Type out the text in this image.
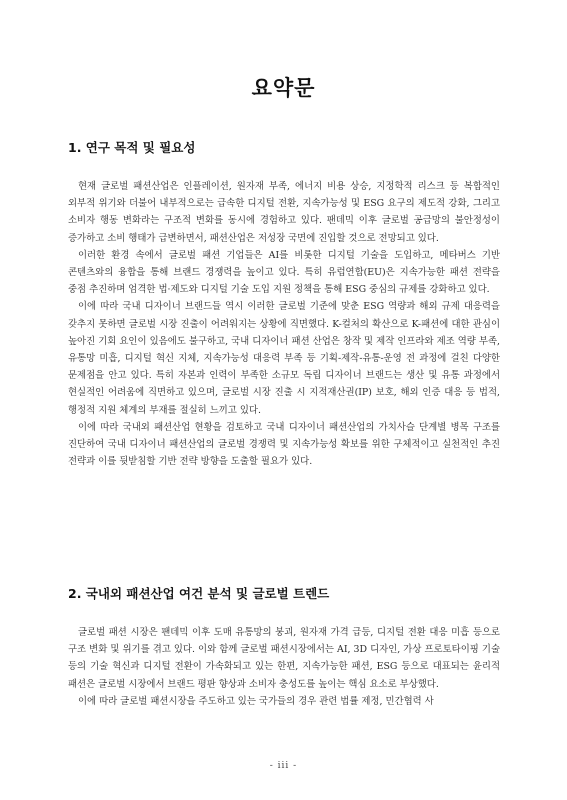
요약문
1. 연구 목적 및 필요성

현재 글로벌 패션산업은 인플레이션, 원자재 부족, 에너지 비용 상승, 지정학적 리스크 등 복합적인 외부적 위기와 더불어 내부적으로는 급속한 디지털 전환, 지속가능성 및 ESG 요구의 제도적 강화, 그리고 소비자 행동 변화라는 구조적 변화를 동시에 경험하고 있다. 팬데믹 이후 글로벌 공급망의 불안정성이 증가하고 소비 행태가 급변하면서, 패션산업은 저성장 국면에 진입할 것으로 전망되고 있다.

이러한 환경 속에서 글로벌 패션 기업들은 AI를 비롯한 디지털 기술을 도입하고, 메타버스 기반 콘텐츠와의 융합을 통해 브랜드 경쟁력을 높이고 있다. 특히 유럽연합(EU)은 지속가능한 패션 전략을 중점 추진하며 엄격한 법·제도와 디지털 기술 도입 지원 정책을 통해 ESG 중심의 규제를 강화하고 있다.

이에 따라 국내 디자이너 브랜드들 역시 이러한 글로벌 기준에 맞춘 ESG 역량과 해외 규제 대응력을 갖추지 못하면 글로벌 시장 진출이 어려워지는 상황에 직면했다. K-컬처의 확산으로 K-패션에 대한 관심이 높아진 기회 요인이 있음에도 불구하고, 국내 디자이너 패션 산업은 창작 및 제작 인프라와 제조 역량 부족, 유통망 미흡, 디지털 혁신 지체, 지속가능성 대응력 부족 등 기획-제작-유통-운영 전 과정에 걸친 다양한 문제점을 안고 있다. 특히 자본과 인력이 부족한 소규모 독립 디자이너 브랜드는 생산 및 유통 과정에서 현실적인 어려움에 직면하고 있으며, 글로벌 시장 진출 시 지적재산권(IP) 보호, 해외 인증 대응 등 법적, 행정적 지원 체계의 부재를 절실히 느끼고 있다.

이에 따라 국내외 패션산업 현황을 검토하고 국내 디자이너 패션산업의 가치사슬 단계별 병목 구조를 진단하여 국내 디자이너 패션산업의 글로벌 경쟁력 및 지속가능성 확보를 위한 구체적이고 실천적인 추진 전략과 이를 뒷받침할 기반 전략 방향을 도출할 필요가 있다.

2. 국내외 패션산업 여건 분석 및 글로벌 트렌드

글로벌 패션 시장은 팬데믹 이후 도매 유통망의 붕괴, 원자재 가격 급등, 디지털 전환 대응 미흡 등으로 구조 변화 및 위기를 겪고 있다. 이와 함께 글로벌 패션시장에서는 AI, 3D 디자인, 가상 프로토타이핑 기술 등의 기술 혁신과 디지털 전환이 가속화되고 있는 한편, 지속가능한 패션, ESG 등으로 대표되는 윤리적 패션은 글로벌 시장에서 브랜드 평판 향상과 소비자 충성도를 높이는 핵심 요소로 부상했다.

이에 따라 글로벌 패션시장을 주도하고 있는 국가들의 경우 관련 법률 제정, 민간협력 사

- iii -
